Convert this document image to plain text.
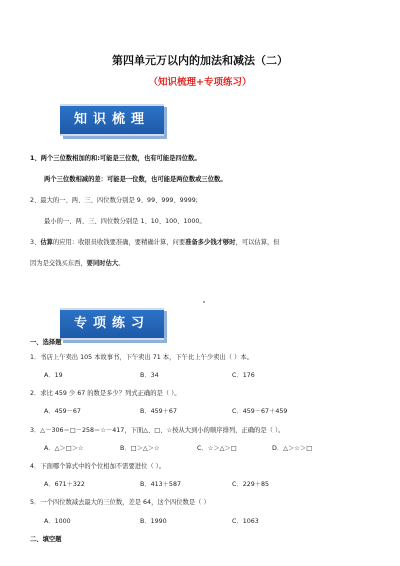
第四单元万以内的加法和减法（二）
（知识梳理+专项练习）
知识梳理
1、两个三位数相加的和:可能是三位数，也有可能是四位数。
两个三位数相减的差：可能是一位数，也可能是两位数或三位数。
2、最大的一、两、三、四位数分别是 9、99、999、9999;
最小的一、两、三、四位数分别是 1、10、100、1000。
3、估算的应用：收银员收钱要准确，要精确计算，问要准备多少钱才够时，可以估算，但
因为是交钱买东西，要同时估大。
专项练习
一、选择题
1．书店上午卖出 105 本故事书，下午卖出 71 本，下午比上午少卖出（ ）本。
A．19	B．34	C．176
2．求比 459 少 67 的数是多少？列式正确的是（ ）。
A．459－67	B．459＋67	C．459－67＋459
3．△－306＝□－258＝☆－417，下面△、□、☆按从大到小的顺序排列，正确的是（ ）。
A．△＞□＞☆	B．□＞△＞☆	C．☆＞△＞□	D．△＞☆＞□
4．下面哪个算式中的个位相加不需要进位（ ）。
A．671＋322	B．413＋587	C．229＋85
5．一个四位数减去最大的三位数，差是 64，这个四位数是（ ）
A．1000	B．1990	C．1063
二、填空题
